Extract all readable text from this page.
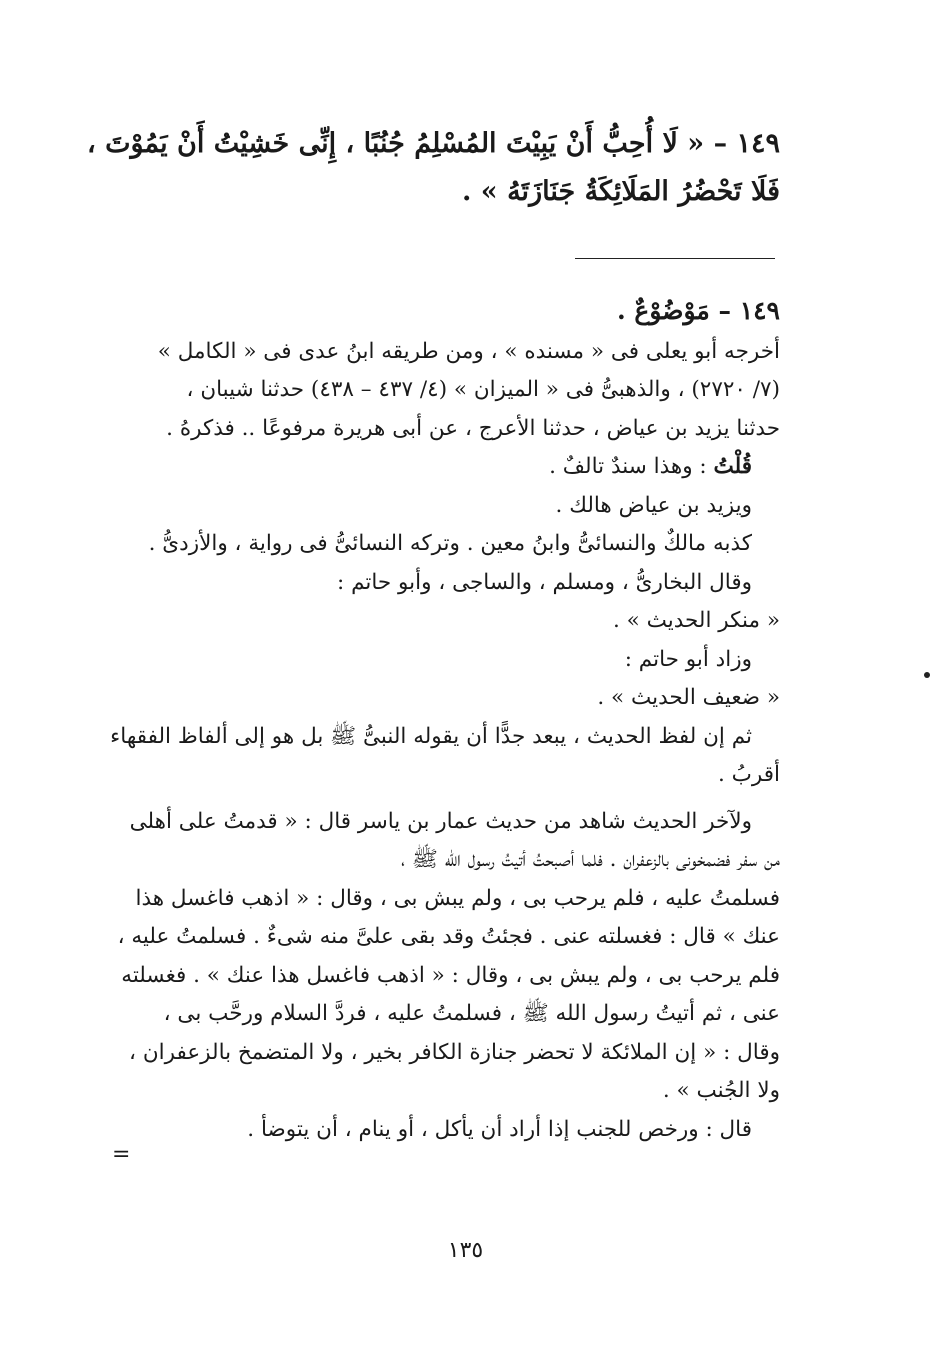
١٤٩ – « لَا أُحِبُّ أَنْ يَبِيْتَ المُسْلِمُ جُنُبًا ، إِنِّى خَشِيْتُ أَنْ يَمُوْتَ ،
فَلَا تَحْضُرُ المَلَائِكَةُ جَنَازَتَهُ » .

١٤٩ – مَوْضُوْعٌ .
أخرجه أبو يعلى فى « مسنده » ، ومن طريقه ابنُ عدى فى « الكامل »
(٧/ ٢٧٢٠) ، والذهبىُّ فى « الميزان » (٤/ ٤٣٧ – ٤٣٨) حدثنا شيبان ،
حدثنا يزيد بن عياض ، حدثنا الأعرج ، عن أبى هريرة مرفوعًا .. فذكرهُ .
قُلْتُ : وهذا سندٌ تالفٌ .
ويزيد بن عياض هالك .
كذبه مالكٌ والنسائىُّ وابنُ معين . وتركه النسائىُّ فى رواية ، والأزدىُّ .
وقال البخارىُّ ، ومسلم ، والساجى ، وأبو حاتم :
« منكر الحديث » .
وزاد أبو حاتم :
« ضعيف الحديث » .
ثم إن لفظ الحديث ، يبعد جدًّا أن يقوله النبىُّ ﷺ بل هو إلى ألفاظ الفقهاء
أقربُ .
ولآخر الحديث شاهد من حديث عمار بن ياسر قال : « قدمتُ على أهلى
من سفر فضمخونى بالزعفران . فلما أصبحتُ أتيتُ رسول الله ﷺ ،
فسلمتُ عليه ، فلم يرحب بى ، ولم يبش بى ، وقال : « اذهب فاغسل هذا
عنك » قال : فغسلته عنى . فجئتُ وقد بقى علىَّ منه شىءٌ . فسلمتُ عليه ،
فلم يرحب بى ، ولم يبش بى ، وقال : « اذهب فاغسل هذا عنك » . فغسلته
عنى ، ثم أتيتُ رسول الله ﷺ ، فسلمتُ عليه ، فردَّ السلام ورحَّب بى ،
وقال : « إن الملائكة لا تحضر جنازة الكافر بخير ، ولا المتضمخ بالزعفران ،
ولا الجُنب » .
قال : ورخص للجنب إذا أراد أن يأكل ، أو ينام ، أن يتوضأ .
=
١٣٥
